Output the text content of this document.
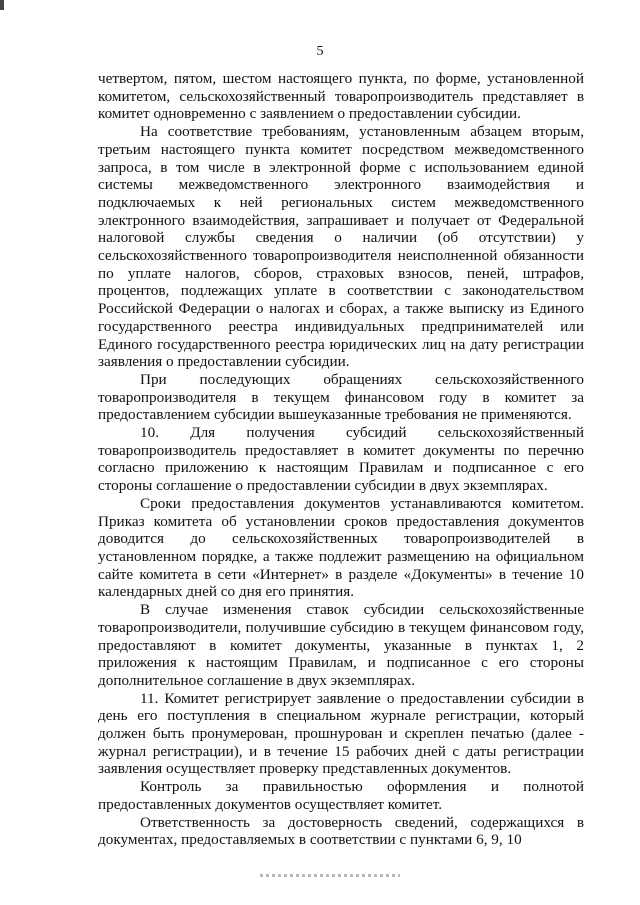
5

четвертом, пятом, шестом настоящего пункта, по форме, установленной комитетом, сельскохозяйственный товаропроизводитель представляет в комитет одновременно с заявлением о предоставлении субсидии.

На соответствие требованиям, установленным абзацем вторым, третьим настоящего пункта комитет посредством межведомственного запроса, в том числе в электронной форме с использованием единой системы межведомственного электронного взаимодействия и подключаемых к ней региональных систем межведомственного электронного взаимодействия, запрашивает и получает от Федеральной налоговой службы сведения о наличии (об отсутствии) у сельскохозяйственного товаропроизводителя неисполненной обязанности по уплате налогов, сборов, страховых взносов, пеней, штрафов, процентов, подлежащих уплате в соответствии с законодательством Российской Федерации о налогах и сборах, а также выписку из Единого государственного реестра индивидуальных предпринимателей или Единого государственного реестра юридических лиц на дату регистрации заявления о предоставлении субсидии.

При последующих обращениях сельскохозяйственного товаропроизводителя в текущем финансовом году в комитет за предоставлением субсидии вышеуказанные требования не применяются.

10. Для получения субсидий сельскохозяйственный товаропроизводитель предоставляет в комитет документы по перечню согласно приложению к настоящим Правилам и подписанное с его стороны соглашение о предоставлении субсидии в двух экземплярах.

Сроки предоставления документов устанавливаются комитетом. Приказ комитета об установлении сроков предоставления документов доводится до сельскохозяйственных товаропроизводителей в установленном порядке, а также подлежит размещению на официальном сайте комитета в сети «Интернет» в разделе «Документы» в течение 10 календарных дней со дня его принятия.

В случае изменения ставок субсидии сельскохозяйственные товаропроизводители, получившие субсидию в текущем финансовом году, предоставляют в комитет документы, указанные в пунктах 1, 2 приложения к настоящим Правилам, и подписанное с его стороны дополнительное соглашение в двух экземплярах.

11. Комитет регистрирует заявление о предоставлении субсидии в день его поступления в специальном журнале регистрации, который должен быть пронумерован, прошнурован и скреплен печатью (далее - журнал регистрации), и в течение 15 рабочих дней с даты регистрации заявления осуществляет проверку представленных документов.

Контроль за правильностью оформления и полнотой предоставленных документов осуществляет комитет.

Ответственность за достоверность сведений, содержащихся в документах, предоставляемых в соответствии с пунктами 6, 9, 10
